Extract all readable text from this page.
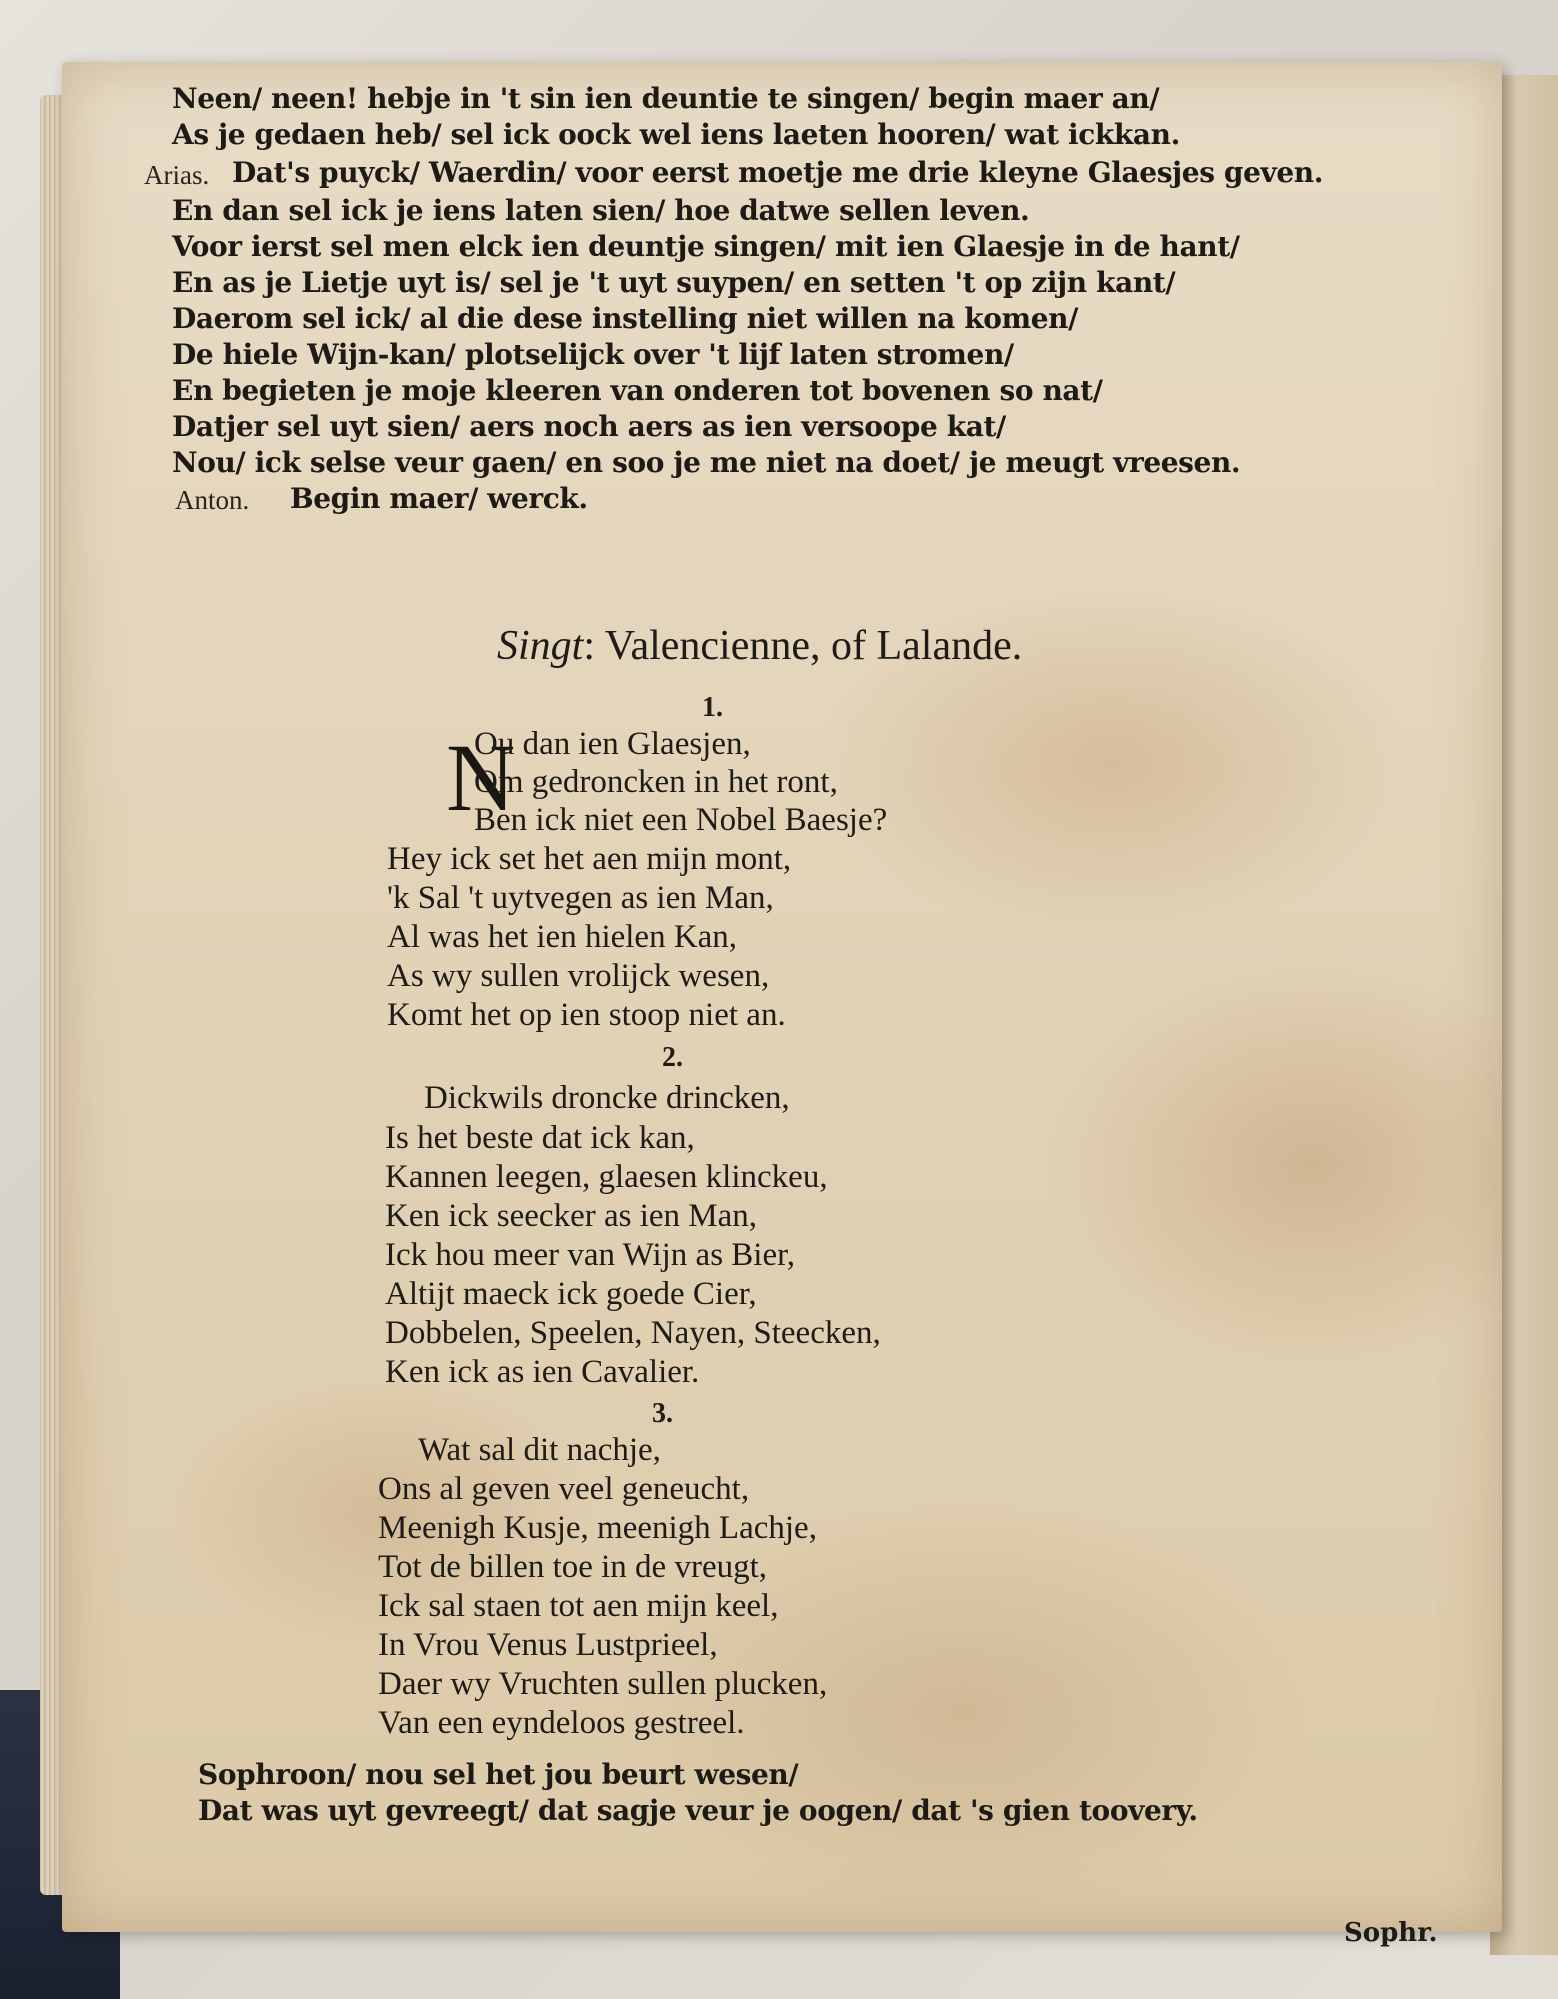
Neen/ neen! hebje in 't sin ien deuntie te singen/ begin maer an/
As je gedaen heb/ sel ick oock wel iens laeten hooren/ wat ickkan.
Arias. Dat's puyck/ Waerdin/ voor eerst moetje me drie kleyne Glaesjes geven.
En dan sel ick je iens laten sien/ hoe datwe sellen leven.
Voor ierst sel men elck ien deuntje singen/ mit ien Glaesje in de hant/
En as je Lietje uyt is/ sel je 't uyt suypen/ en setten 't op zijn kant/
Daerom sel ick/ al die dese instelling niet willen na komen/
De hiele Wijn-kan/ plotselijck over 't lijf laten stromen/
En begieten je moje kleeren van onderen tot bovenen so nat/
Datjer sel uyt sien/ aers noch aers as ien versoope kat/
Nou/ ick selse veur gaen/ en soo je me niet na doet/ je meugt vreesen.
Anton. Begin maer/ werck.
Singt: Valencienne, of Lalande.
1.
N
Ou dan ien Glaesjen,
Om gedroncken in het ront,
Ben ick niet een Nobel Baesje?
Hey ick set het aen mijn mont,
'k Sal 't uytvegen as ien Man,
Al was het ien hielen Kan,
As wy sullen vrolijck wesen,
Komt het op ien stoop niet an.
2.
Dickwils droncke drincken,
Is het beste dat ick kan,
Kannen leegen, glaesen klinckeu,
Ken ick seecker as ien Man,
Ick hou meer van Wijn as Bier,
Altijt maeck ick goede Cier,
Dobbelen, Speelen, Nayen, Steecken,
Ken ick as ien Cavalier.
3.
Wat sal dit nachje,
Ons al geven veel geneucht,
Meenigh Kusje, meenigh Lachje,
Tot de billen toe in de vreugt,
Ick sal staen tot aen mijn keel,
In Vrou Venus Lustprieel,
Daer wy Vruchten sullen plucken,
Van een eyndeloos gestreel.
Sophroon/ nou sel het jou beurt wesen/
Dat was uyt gevreegt/ dat sagje veur je oogen/ dat 's gien toovery.
Sophr.
